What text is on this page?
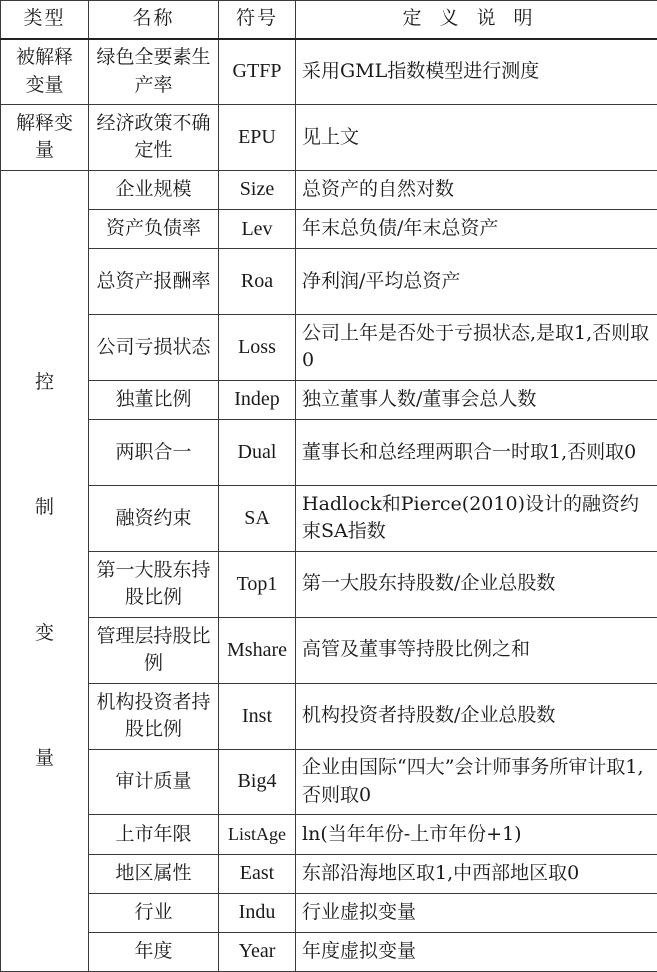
类型	名称	符号	定义说明
被解释变量	绿色全要素生产率	GTFP	采用GML指数模型进行测度
解释变量	经济政策不确定性	EPU	见上文

控
制
变
量	企业规模	Size	总资产的自然对数
	资产负债率	Lev	年末总负债/年末总资产
	总资产报酬率	Roa	净利润/平均总资产
	公司亏损状态	Loss	公司上年是否处于亏损状态,是取1,否则取0
	独董比例	Indep	独立董事人数/董事会总人数
	两职合一	Dual	董事长和总经理两职合一时取1,否则取0
	融资约束	SA	Hadlock和Pierce(2010)设计的融资约束SA指数
	第一大股东持股比例	Top1	第一大股东持股数/企业总股数
	管理层持股比例	Mshare	高管及董事等持股比例之和
	机构投资者持股比例	Inst	机构投资者持股数/企业总股数
	审计质量	Big4	企业由国际“四大”会计师事务所审计取1,否则取0
	上市年限	ListAge	ln(当年年份-上市年份+1)
	地区属性	East	东部沿海地区取1,中西部地区取0
	行业	Indu	行业虚拟变量
	年度	Year	年度虚拟变量
